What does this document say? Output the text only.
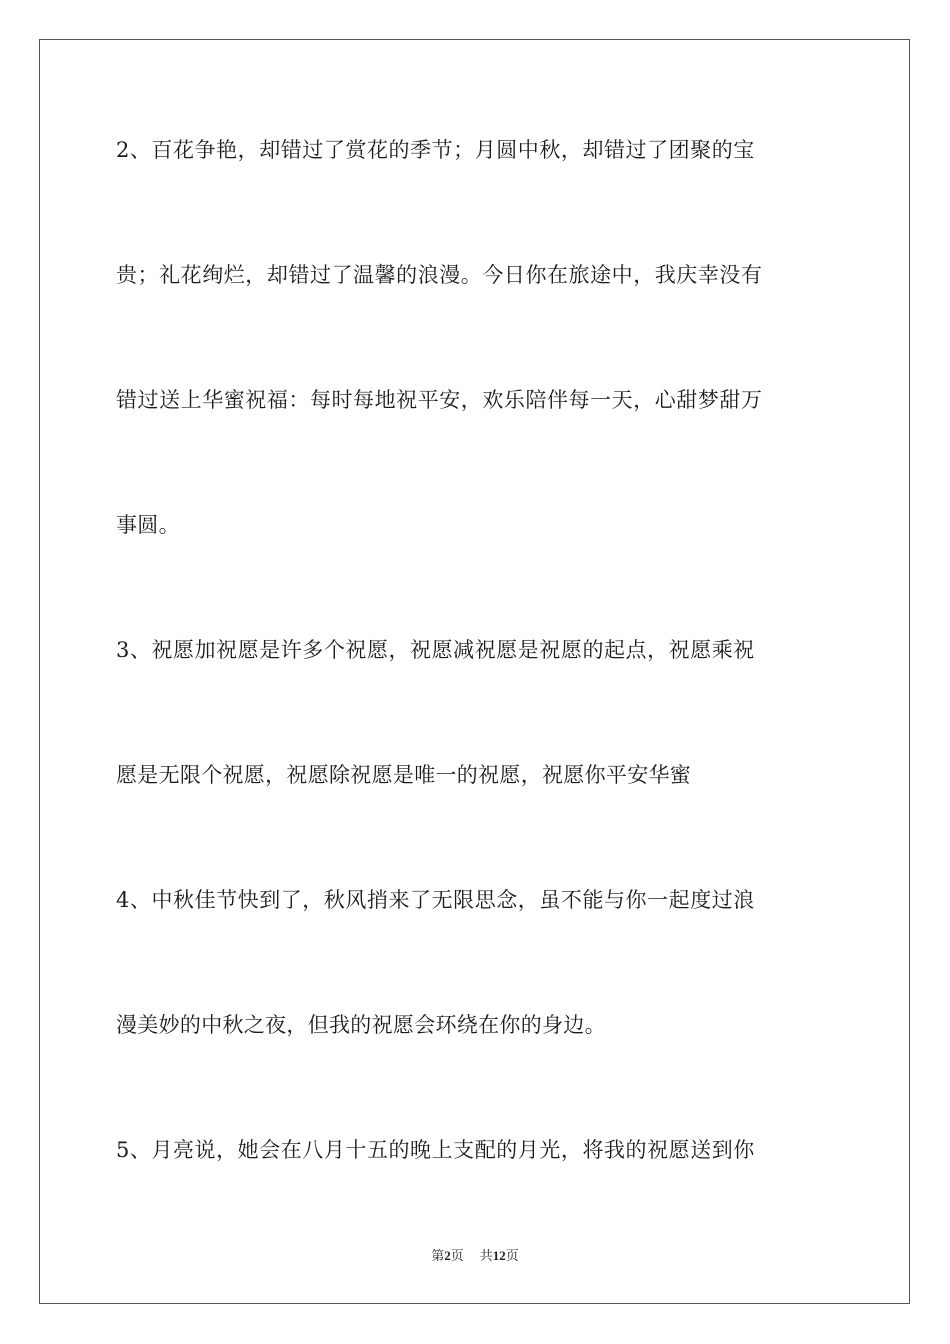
2、百花争艳，却错过了赏花的季节；月圆中秋，却错过了团聚的宝
贵；礼花绚烂，却错过了温馨的浪漫。今日你在旅途中，我庆幸没有
错过送上华蜜祝福：每时每地祝平安，欢乐陪伴每一天，心甜梦甜万
事圆。
3、祝愿加祝愿是许多个祝愿，祝愿减祝愿是祝愿的起点，祝愿乘祝
愿是无限个祝愿，祝愿除祝愿是唯一的祝愿，祝愿你平安华蜜
4、中秋佳节快到了，秋风捎来了无限思念，虽不能与你一起度过浪
漫美妙的中秋之夜，但我的祝愿会环绕在你的身边。
5、月亮说，她会在八月十五的晚上支配的月光，将我的祝愿送到你
第2页 共12页
